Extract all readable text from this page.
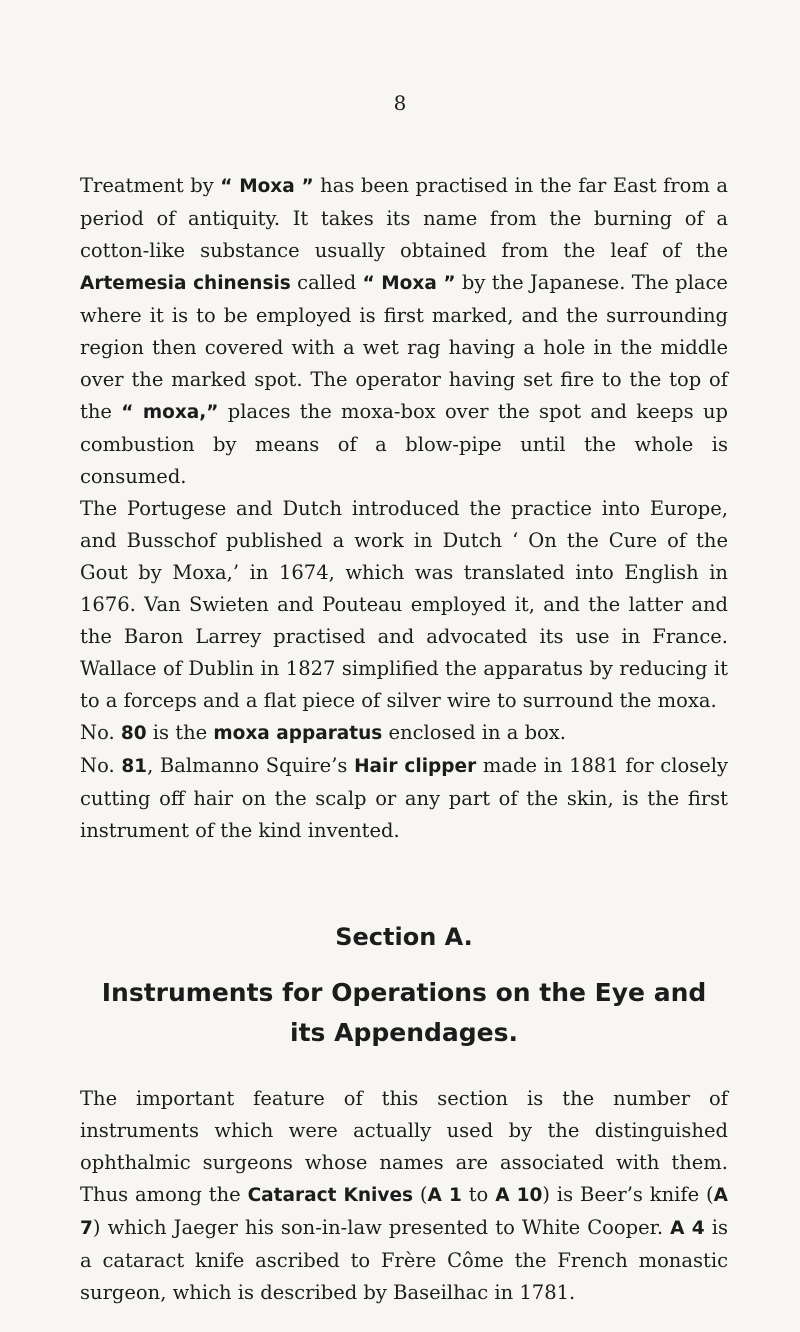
8

Treatment by “ Moxa ” has been practised in the far East from a period of antiquity. It takes its name from the burning of a cotton-like substance usually obtained from the leaf of the Artemesia chinensis called “ Moxa ” by the Japanese. The place where it is to be employed is first marked, and the surrounding region then covered with a wet rag having a hole in the middle over the marked spot. The operator having set fire to the top of the “ moxa,” places the moxa-box over the spot and keeps up combustion by means of a blow-pipe until the whole is consumed.

The Portugese and Dutch introduced the practice into Europe, and Busschof published a work in Dutch ‘ On the Cure of the Gout by Moxa,’ in 1674, which was translated into English in 1676. Van Swieten and Pouteau employed it, and the latter and the Baron Larrey practised and advocated its use in France. Wallace of Dublin in 1827 simplified the apparatus by reducing it to a forceps and a flat piece of silver wire to surround the moxa.

No. 80 is the moxa apparatus enclosed in a box.

No. 81, Balmanno Squire’s Hair clipper made in 1881 for closely cutting off hair on the scalp or any part of the skin, is the first instrument of the kind invented.

Section A.

Instruments for Operations on the Eye and its Appendages.

The important feature of this section is the number of instruments which were actually used by the distinguished ophthalmic surgeons whose names are associated with them. Thus among the Cataract Knives (A 1 to A 10) is Beer’s knife (A 7) which Jaeger his son-in-law presented to White Cooper. A 4 is a cataract knife ascribed to Frère Côme the French monastic surgeon, which is described by Baseilhac in 1781.
